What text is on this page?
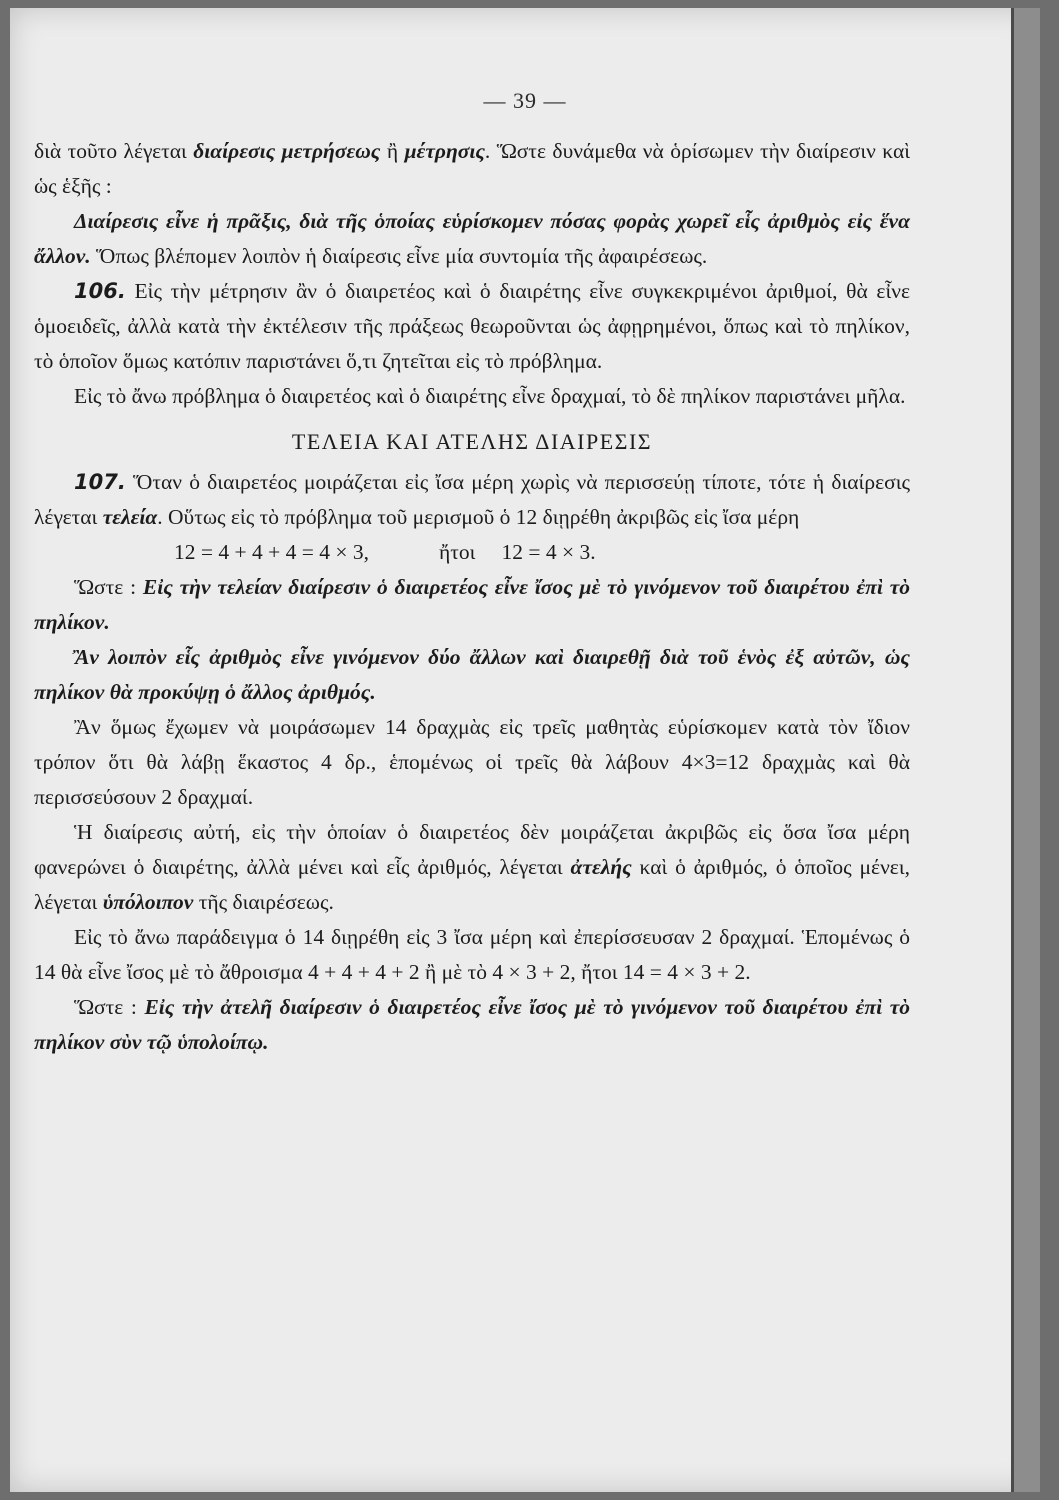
— 39 —

διὰ τοῦτο λέγεται διαίρεσις μετρήσεως ἢ μέτρησις. Ὥστε δυνάμεθα νὰ ὁρίσωμεν τὴν διαίρεσιν καὶ ὡς ἑξῆς :

Διαίρεσις εἶνε ἡ πρᾶξις, διὰ τῆς ὁποίας εὑρίσκομεν πόσας φορὰς χωρεῖ εἷς ἀριθμὸς εἰς ἕνα ἄλλον. Ὅπως βλέπομεν λοιπὸν ἡ διαίρεσις εἶνε μία συντομία τῆς ἀφαιρέσεως.

106. Εἰς τὴν μέτρησιν ἂν ὁ διαιρετέος καὶ ὁ διαιρέτης εἶνε συγκεκριμένοι ἀριθμοί, θὰ εἶνε ὁμοειδεῖς, ἀλλὰ κατὰ τὴν ἐκτέλεσιν τῆς πράξεως θεωροῦνται ὡς ἀφῃρημένοι, ὅπως καὶ τὸ πηλίκον, τὸ ὁποῖον ὅμως κατόπιν παριστάνει ὅ,τι ζητεῖται εἰς τὸ πρόβλημα.

Εἰς τὸ ἄνω πρόβλημα ὁ διαιρετέος καὶ ὁ διαιρέτης εἶνε δραχμαί, τὸ δὲ πηλίκον παριστάνει μῆλα.

ΤΕΛΕΙΑ ΚΑΙ ΑΤΕΛΗΣ ΔΙΑΙΡΕΣΙΣ

107. Ὅταν ὁ διαιρετέος μοιράζεται εἰς ἴσα μέρη χωρὶς νὰ περισσεύῃ τίποτε, τότε ἡ διαίρεσις λέγεται τελεία. Οὕτως εἰς τὸ πρόβλημα τοῦ μερισμοῦ ὁ 12 διῃρέθη ἀκριβῶς εἰς ἴσα μέρη

12 = 4 + 4 + 4 = 4 × 3,	ἤτοι 12 = 4 × 3.

Ὥστε : Εἰς τὴν τελείαν διαίρεσιν ὁ διαιρετέος εἶνε ἴσος μὲ τὸ γινόμενον τοῦ διαιρέτου ἐπὶ τὸ πηλίκον.

Ἂν λοιπὸν εἷς ἀριθμὸς εἶνε γινόμενον δύο ἄλλων καὶ διαιρεθῇ διὰ τοῦ ἑνὸς ἐξ αὐτῶν, ὡς πηλίκον θὰ προκύψῃ ὁ ἄλλος ἀριθμός.

Ἂν ὅμως ἔχωμεν νὰ μοιράσωμεν 14 δραχμὰς εἰς τρεῖς μαθητὰς εὑρίσκομεν κατὰ τὸν ἴδιον τρόπον ὅτι θὰ λάβῃ ἕκαστος 4 δρ., ἑπομένως οἱ τρεῖς θὰ λάβουν 4×3=12 δραχμὰς καὶ θὰ περισσεύσουν 2 δραχμαί.

Ἡ διαίρεσις αὐτή, εἰς τὴν ὁποίαν ὁ διαιρετέος δὲν μοιράζεται ἀκριβῶς εἰς ὅσα ἴσα μέρη φανερώνει ὁ διαιρέτης, ἀλλὰ μένει καὶ εἷς ἀριθμός, λέγεται ἀτελής καὶ ὁ ἀριθμός, ὁ ὁποῖος μένει, λέγεται ὑπόλοιπον τῆς διαιρέσεως.

Εἰς τὸ ἄνω παράδειγμα ὁ 14 διῃρέθη εἰς 3 ἴσα μέρη καὶ ἐπερίσσευσαν 2 δραχμαί. Ἑπομένως ὁ 14 θὰ εἶνε ἴσος μὲ τὸ ἄθροισμα 4 + 4 + 4 + 2 ἢ μὲ τὸ 4 × 3 + 2, ἤτοι 14 = 4 × 3 + 2.

Ὥστε : Εἰς τὴν ἀτελῆ διαίρεσιν ὁ διαιρετέος εἶνε ἴσος μὲ τὸ γινόμενον τοῦ διαιρέτου ἐπὶ τὸ πηλίκον σὺν τῷ ὑπολοίπῳ.
